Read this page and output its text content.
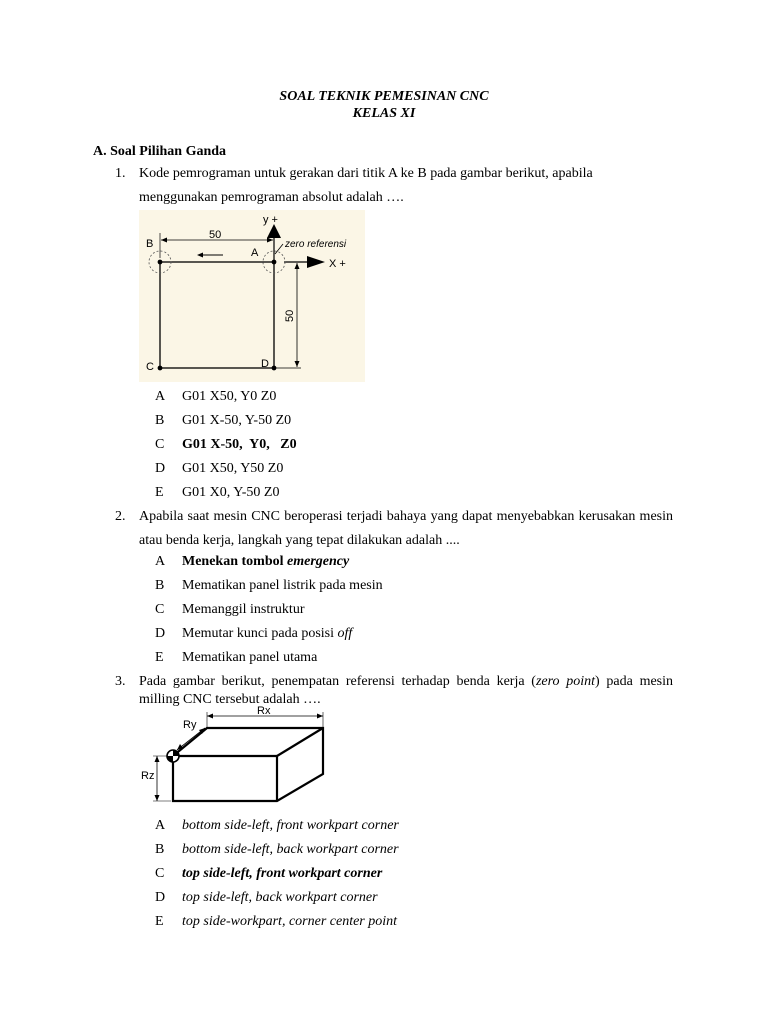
SOAL TEKNIK PEMESINAN CNC
KELAS XI
A. Soal Pilihan Ganda
1. Kode pemrograman untuk gerakan dari titik A ke B pada gambar berikut, apabila
menggunakan pemrograman absolut adalah ….
y +
X +
zero referensi
50
50
B
A
C	D
A G01 X50, Y0 Z0
B G01 X-50, Y-50 Z0
C G01 X-50,  Y0,   Z0
D G01 X50, Y50 Z0
E G01 X0, Y-50 Z0
2. Apabila saat mesin CNC beroperasi terjadi bahaya yang dapat menyebabkan kerusakan mesin
atau benda kerja, langkah yang tepat dilakukan adalah ....
A Menekan tombol emergency
B Mematikan panel listrik pada mesin
C Memanggil instruktur
D Memutar kunci pada posisi off
E Mematikan panel utama
3. Pada gambar berikut, penempatan referensi terhadap benda kerja (zero point) pada mesin
milling CNC tersebut adalah ….
Rx
Ry
Rz
A bottom side-left, front workpart corner
B bottom side-left, back workpart corner
C top side-left, front workpart corner
D top side-left, back workpart corner
E top side-workpart, corner center point
